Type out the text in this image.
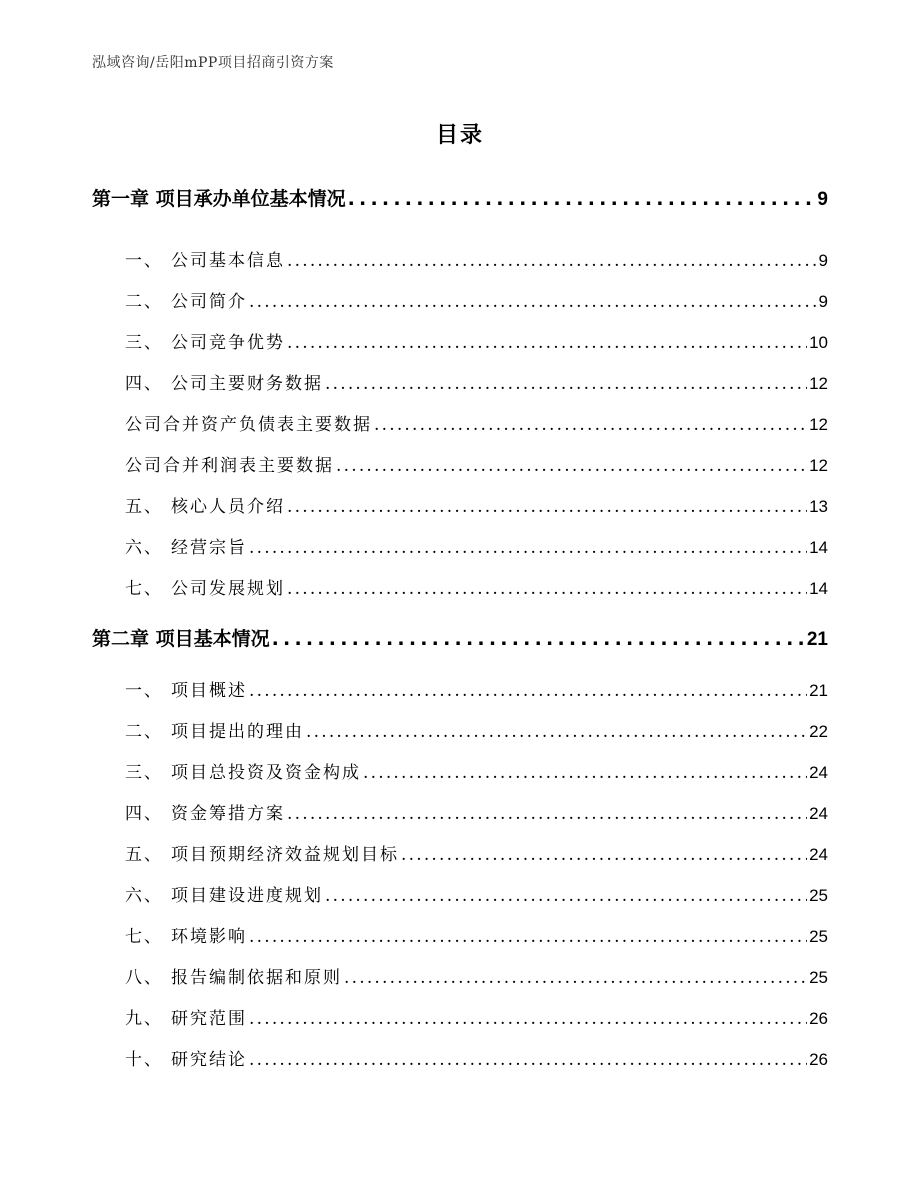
泓域咨询/岳阳mPP项目招商引资方案
目录
第一章 项目承办单位基本情况 . . .	9
一、 公司基本信息 . . .	9
二、 公司简介 . . .	9
三、 公司竞争优势 . . .	10
四、 公司主要财务数据 . . .	12
公司合并资产负债表主要数据 . . .	12
公司合并利润表主要数据 . . .	12
五、 核心人员介绍 . . .	13
六、 经营宗旨 . . .	14
七、 公司发展规划 . . .	14
第二章 项目基本情况 . . .	21
一、 项目概述 . . .	21
二、 项目提出的理由 . . .	22
三、 项目总投资及资金构成 . . .	24
四、 资金筹措方案 . . .	24
五、 项目预期经济效益规划目标 . . .	24
六、 项目建设进度规划 . . .	25
七、 环境影响 . . .	25
八、 报告编制依据和原则 . . .	25
九、 研究范围 . . .	26
十、 研究结论 . . .	26
